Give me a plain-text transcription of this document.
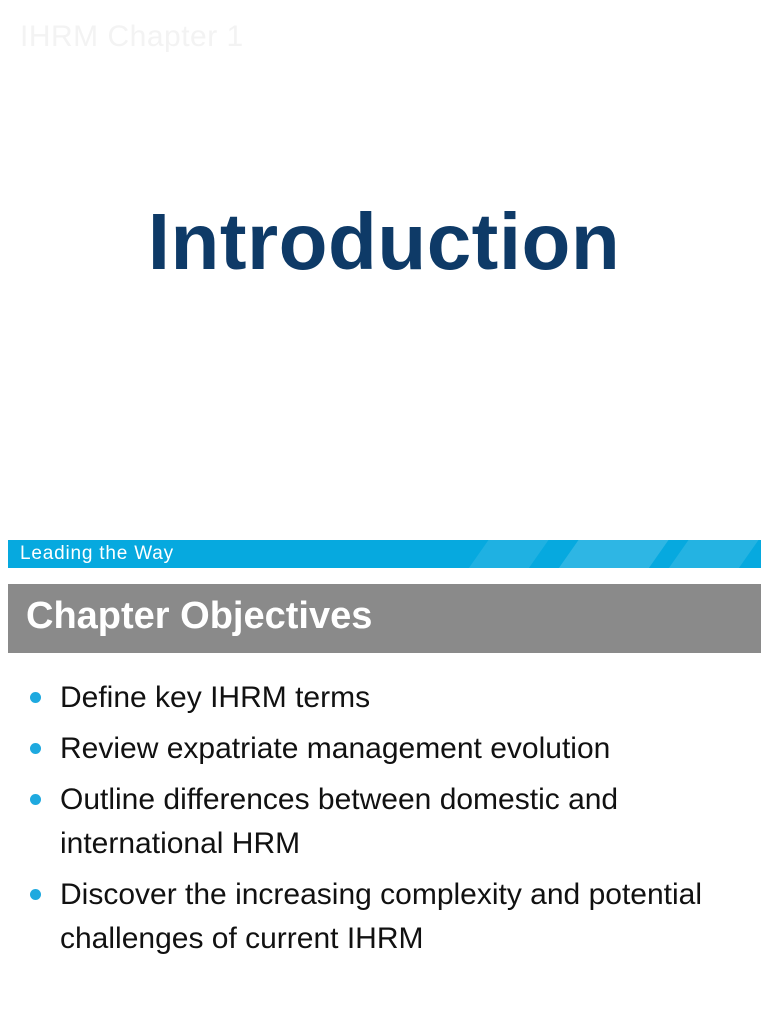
IHRM Chapter 1
Introduction
Leading the Way
Chapter Objectives
Define key IHRM terms
Review expatriate management evolution
Outline differences between domestic and international HRM
Discover the increasing complexity and potential challenges of current IHRM
